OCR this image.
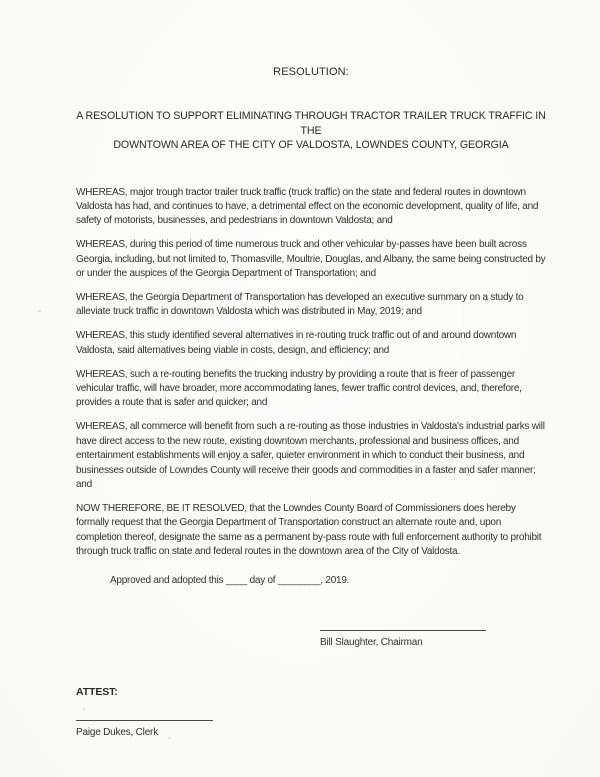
RESOLUTION:
A RESOLUTION TO SUPPORT ELIMINATING THROUGH TRACTOR TRAILER TRUCK TRAFFIC IN THE
DOWNTOWN AREA OF THE CITY OF VALDOSTA, LOWNDES COUNTY, GEORGIA

WHEREAS, major trough tractor trailer truck traffic (truck traffic) on the state and federal routes in downtown Valdosta has had, and continues to have, a detrimental effect on the economic development, quality of life, and safety of motorists, businesses, and pedestrians in downtown Valdosta; and

WHEREAS, during this period of time numerous truck and other vehicular by-passes have been built across Georgia, including, but not limited to, Thomasville, Moultrie, Douglas, and Albany, the same being constructed by or under the auspices of the Georgia Department of Transportation; and

WHEREAS, the Georgia Department of Transportation has developed an executive summary on a study to alleviate truck traffic in downtown Valdosta which was distributed in May, 2019; and

WHEREAS, this study identified several alternatives in re-routing truck traffic out of and around downtown Valdosta, said alternatives being viable in costs, design, and efficiency; and

WHEREAS, such a re-routing benefits the trucking industry by providing a route that is freer of passenger vehicular traffic, will have broader, more accommodating lanes, fewer traffic control devices, and, therefore, provides a route that is safer and quicker; and

WHEREAS, all commerce will benefit from such a re-routing as those industries in Valdosta's industrial parks will have direct access to the new route, existing downtown merchants, professional and business offices, and entertainment establishments will enjoy a safer, quieter environment in which to conduct their business, and businesses outside of Lowndes County will receive their goods and commodities in a faster and safer manner; and

NOW THEREFORE, BE IT RESOLVED, that the Lowndes County Board of Commissioners does hereby formally request that the Georgia Department of Transportation construct an alternate route and, upon completion thereof, designate the same as a permanent by-pass route with full enforcement authority to prohibit through truck traffic on state and federal routes in the downtown area of the City of Valdosta.

Approved and adopted this ____ day of ________, 2019.
Bill Slaughter, Chairman
ATTEST:
Paige Dukes, Clerk
